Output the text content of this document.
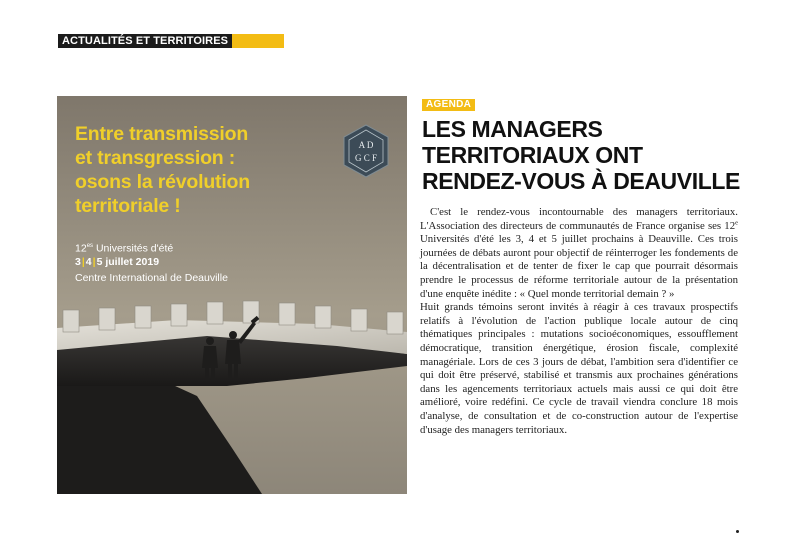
ACTUALITÉS ET TERRITOIRES
Entre transmission
et transgression :
osons la révolution
territoriale !
$12^{es}$ Universités d'été
3|4|5 juillet 2019
Centre International de Deauville
A D
G C F
AGENDA
LES MANAGERS
TERRITORIAUX ONT
RENDEZ-VOUS À DEAUVILLE

C'est le rendez-vous incontournable des managers territoriaux. L'Association des directeurs de communautés de France organise ses 12e Universités d'été les 3, 4 et 5 juillet prochains à Deauville. Ces trois journées de débats auront pour objectif de réinterroger les fondements de la décentralisation et de tenter de fixer le cap que pourrait désormais prendre le processus de réforme territoriale autour de la présentation d'une enquête inédite : « Quel monde territorial demain ? »

Huit grands témoins seront invités à réagir à ces travaux prospectifs relatifs à l'évolution de l'action publique locale autour de cinq thématiques principales : mutations socioéconomiques, essoufflement démocratique, transition énergétique, érosion fiscale, complexité managériale. Lors de ces 3 jours de débat, l'ambition sera d'identifier ce qui doit être préservé, stabilisé et transmis aux prochaines générations dans les agencements territoriaux actuels mais aussi ce qui doit être amélioré, voire redéfini. Ce cycle de travail viendra conclure 18 mois d'analyse, de consultation et de co-construction autour de l'expertise d'usage des managers territoriaux.
